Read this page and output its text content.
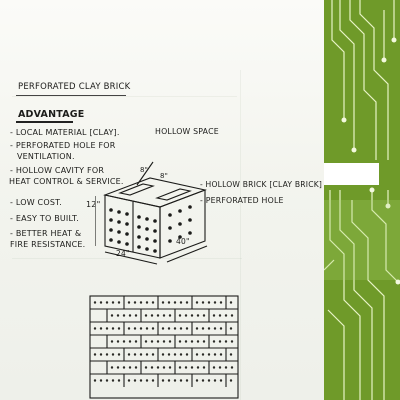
PERFORATED CLAY BRICK
ADVANTAGE
- LOCAL MATERIAL [CLAY].
- PERFORATED HOLE FOR
VENTILATION.
- HOLLOW CAVITY FOR
HEAT CONTROL & SERVICE.
- LOW COST.
- EASY TO BUILT.
- BETTER HEAT &
FIRE RESISTANCE.
HOLLOW SPACE
- HOLLOW BRICK [CLAY BRICK]
- PERFORATED HOLE
8"
8"
12"
24"
40"
